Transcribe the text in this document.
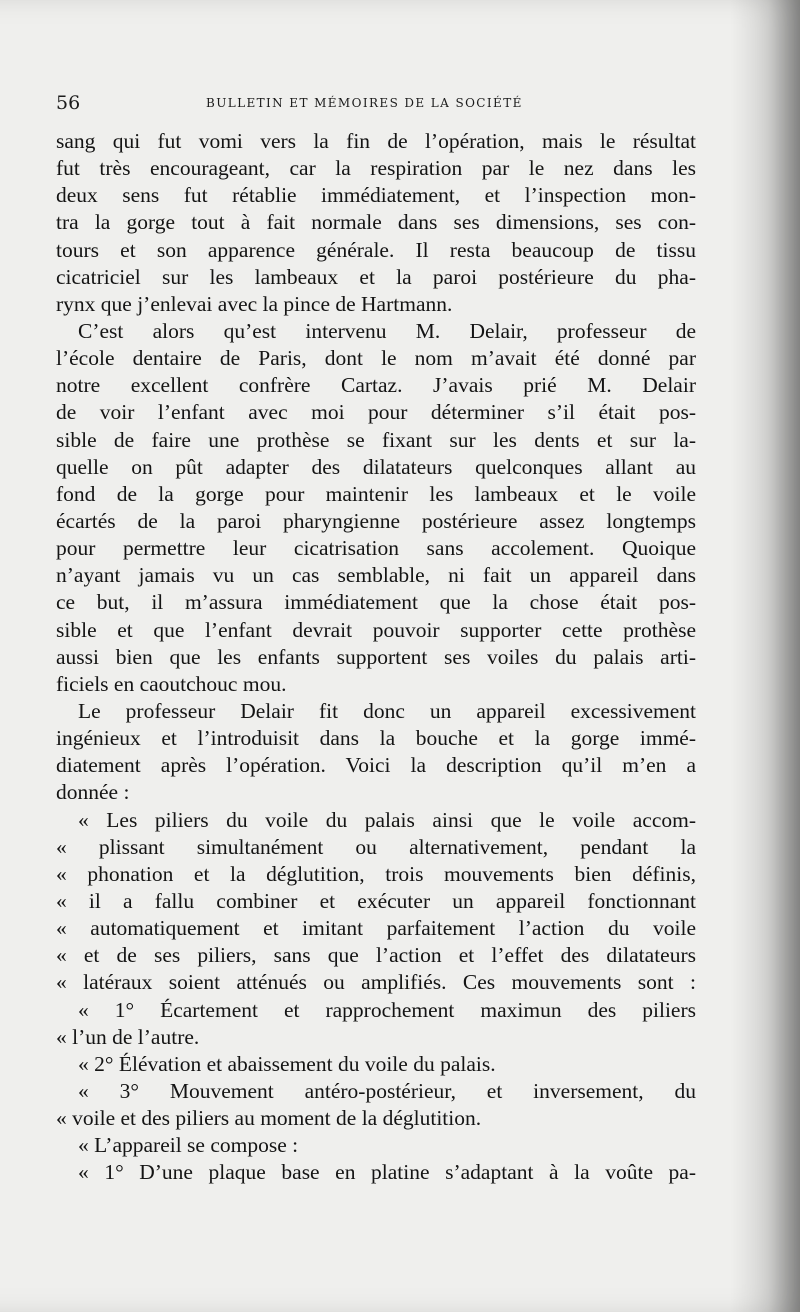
56	BULLETIN ET MÉMOIRES DE LA SOCIÉTÉ
sang qui fut vomi vers la fin de l’opération, mais le résultat
fut très encourageant, car la respiration par le nez dans les
deux sens fut rétablie immédiatement, et l’inspection mon-
tra la gorge tout à fait normale dans ses dimensions, ses con-
tours et son apparence générale. Il resta beaucoup de tissu
cicatriciel sur les lambeaux et la paroi postérieure du pha-
rynx que j’enlevai avec la pince de Hartmann.
C’est alors qu’est intervenu M. Delair, professeur de
l’école dentaire de Paris, dont le nom m’avait été donné par
notre excellent confrère Cartaz. J’avais prié M. Delair
de voir l’enfant avec moi pour déterminer s’il était pos-
sible de faire une prothèse se fixant sur les dents et sur la-
quelle on pût adapter des dilatateurs quelconques allant au
fond de la gorge pour maintenir les lambeaux et le voile
écartés de la paroi pharyngienne postérieure assez longtemps
pour permettre leur cicatrisation sans accolement. Quoique
n’ayant jamais vu un cas semblable, ni fait un appareil dans
ce but, il m’assura immédiatement que la chose était pos-
sible et que l’enfant devrait pouvoir supporter cette prothèse
aussi bien que les enfants supportent ses voiles du palais arti-
ficiels en caoutchouc mou.
Le professeur Delair fit donc un appareil excessivement
ingénieux et l’introduisit dans la bouche et la gorge immé-
diatement après l’opération. Voici la description qu’il m’en a
donnée :
« Les piliers du voile du palais ainsi que le voile accom-
« plissant simultanément ou alternativement, pendant la
« phonation et la déglutition, trois mouvements bien définis,
« il a fallu combiner et exécuter un appareil fonctionnant
« automatiquement et imitant parfaitement l’action du voile
« et de ses piliers, sans que l’action et l’effet des dilatateurs
« latéraux soient atténués ou amplifiés. Ces mouvements sont :
« 1° Écartement et rapprochement maximun des piliers
« l’un de l’autre.
« 2° Élévation et abaissement du voile du palais.
« 3° Mouvement antéro-postérieur, et inversement, du
« voile et des piliers au moment de la déglutition.
« L’appareil se compose :
« 1° D’une plaque base en platine s’adaptant à la voûte pa-
